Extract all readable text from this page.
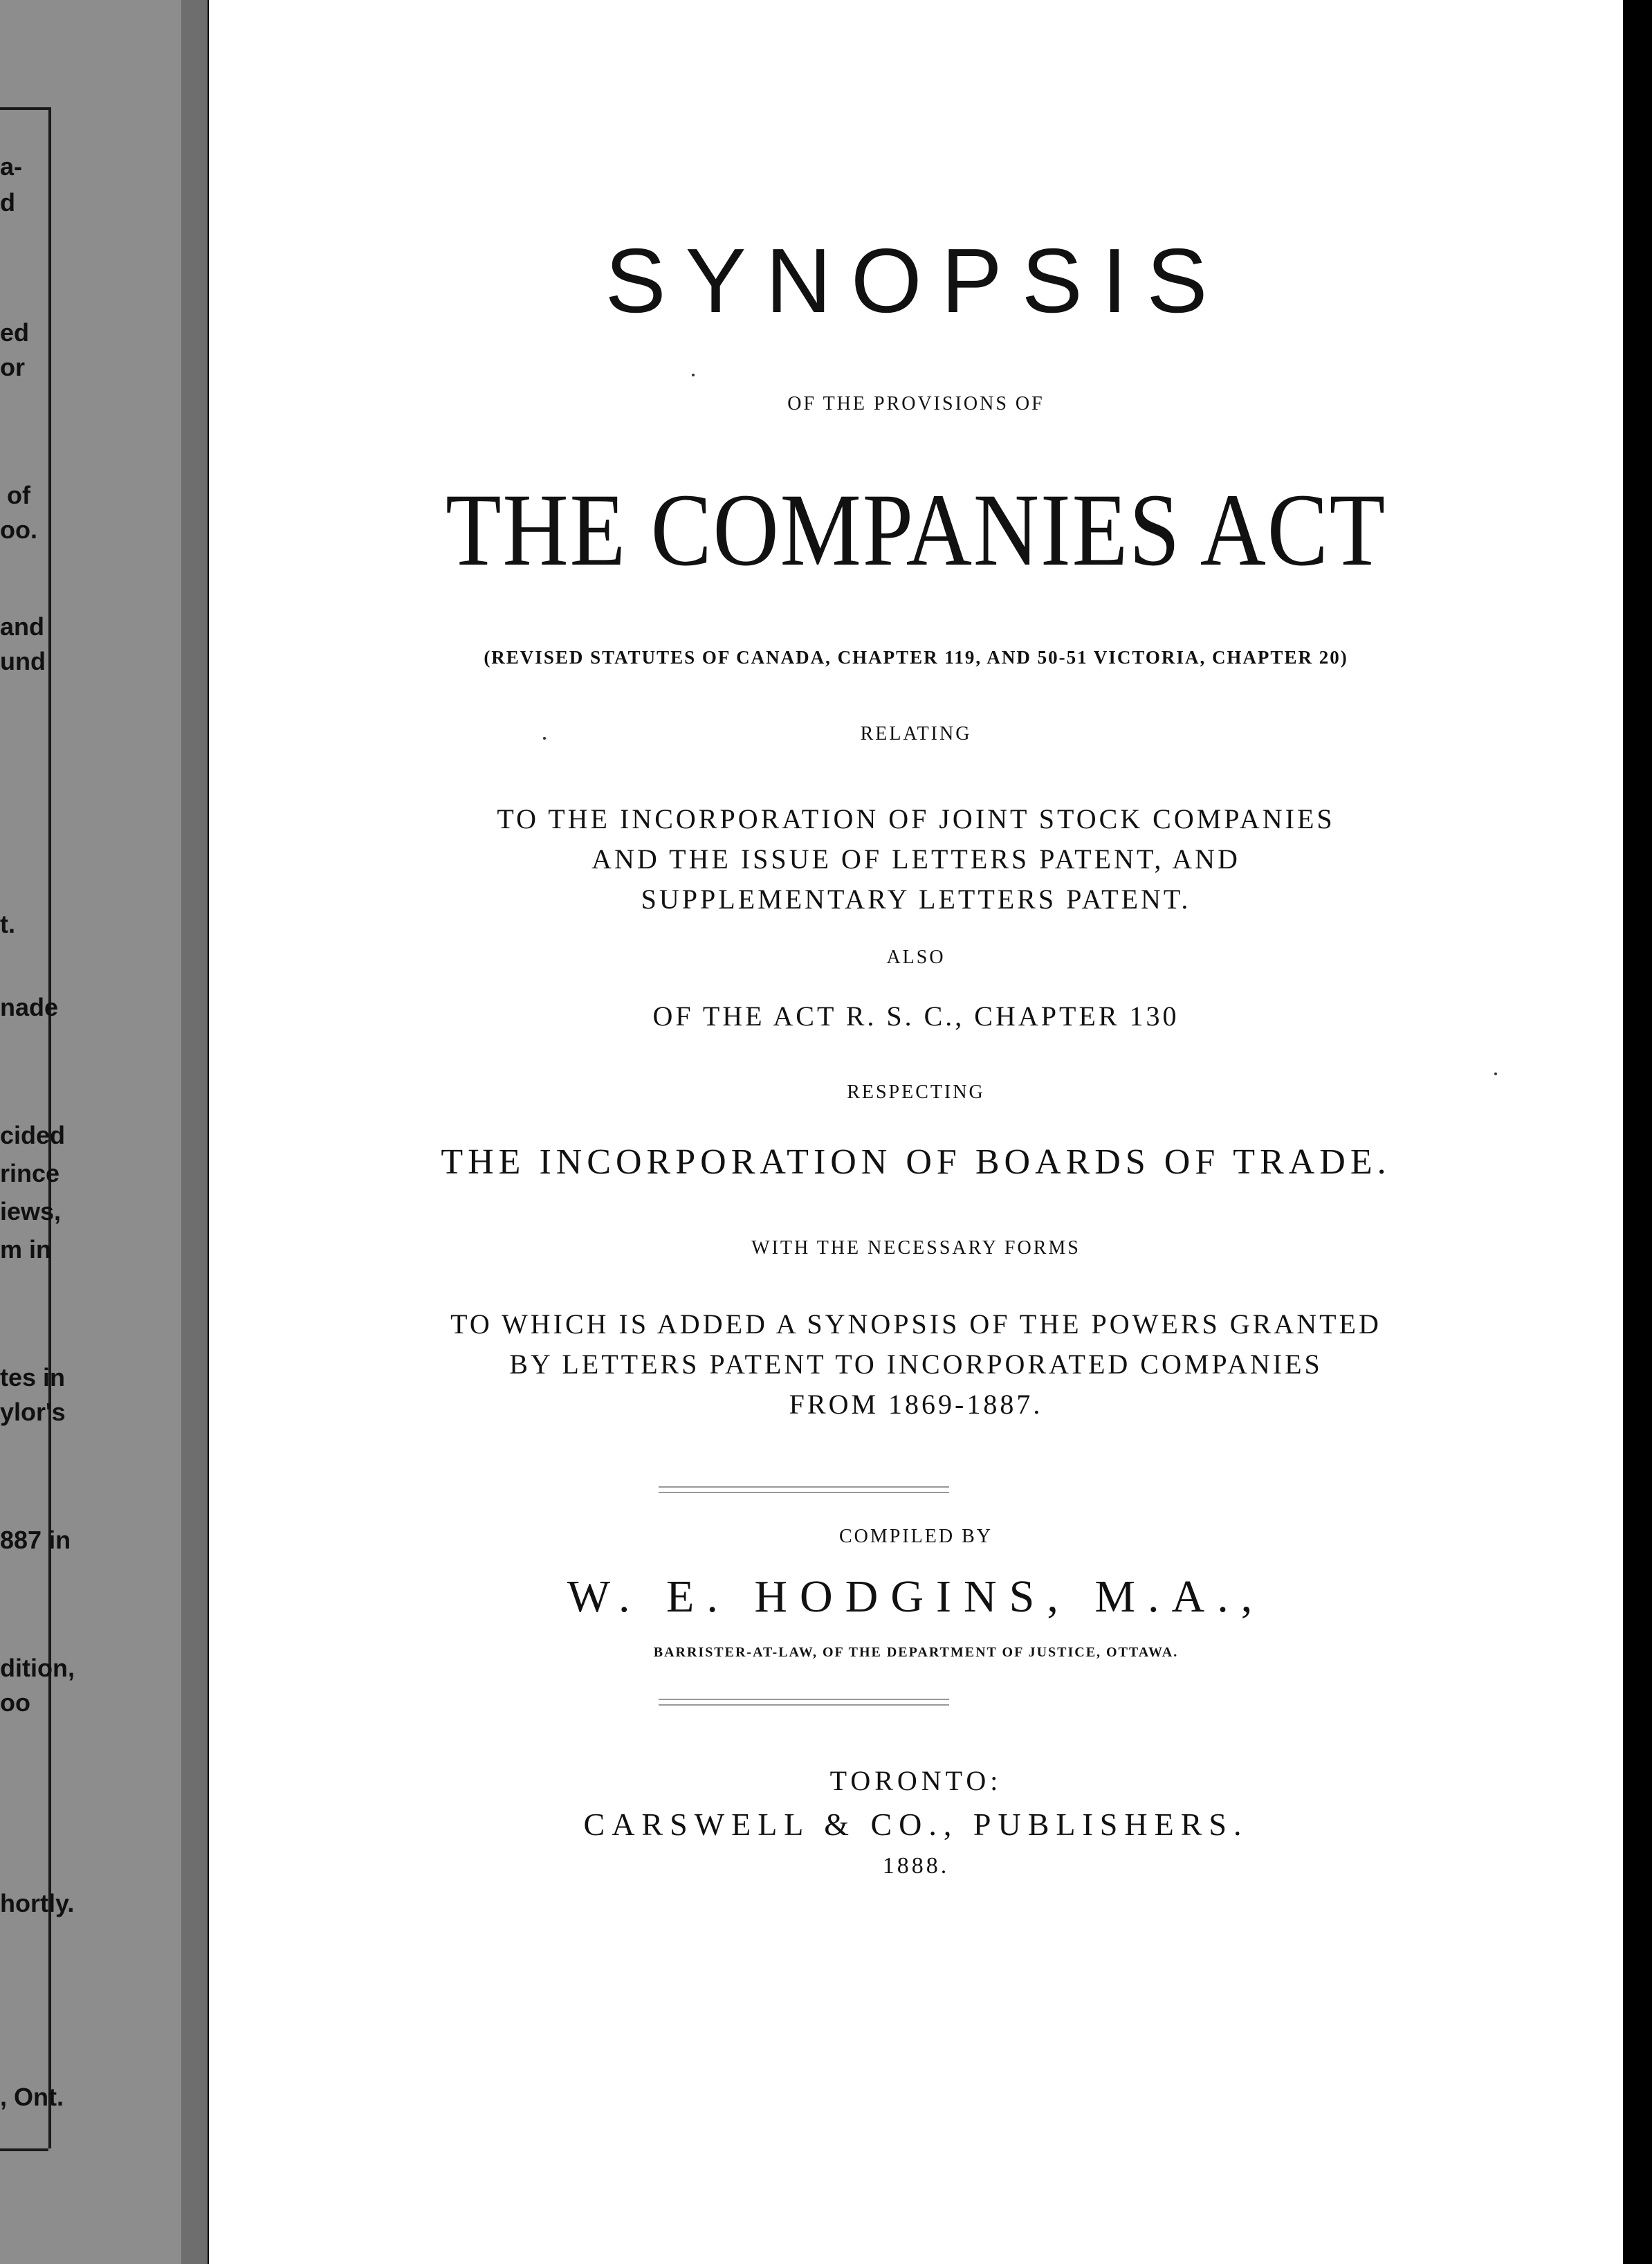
a-
d
ed
or
of
oo.
and
und
t.
nade
cided
rince
iews,
m in
tes in
ylor's
887 in
dition,
oo
hortly.
, Ont.
SYNOPSIS
OF THE PROVISIONS OF
THE COMPANIES ACT
(REVISED STATUTES OF CANADA, CHAPTER 119, AND 50-51 VICTORIA, CHAPTER 20)
RELATING
TO THE INCORPORATION OF JOINT STOCK COMPANIES
AND THE ISSUE OF LETTERS PATENT, AND
SUPPLEMENTARY LETTERS PATENT.
ALSO
OF THE ACT R. S. C., CHAPTER 130
RESPECTING
THE INCORPORATION OF BOARDS OF TRADE.
WITH THE NECESSARY FORMS
TO WHICH IS ADDED A SYNOPSIS OF THE POWERS GRANTED
BY LETTERS PATENT TO INCORPORATED COMPANIES
FROM 1869-1887.
COMPILED BY
W. E. HODGINS, M.A.,
BARRISTER-AT-LAW, OF THE DEPARTMENT OF JUSTICE, OTTAWA.
TORONTO:
CARSWELL & CO., PUBLISHERS.
1888.
